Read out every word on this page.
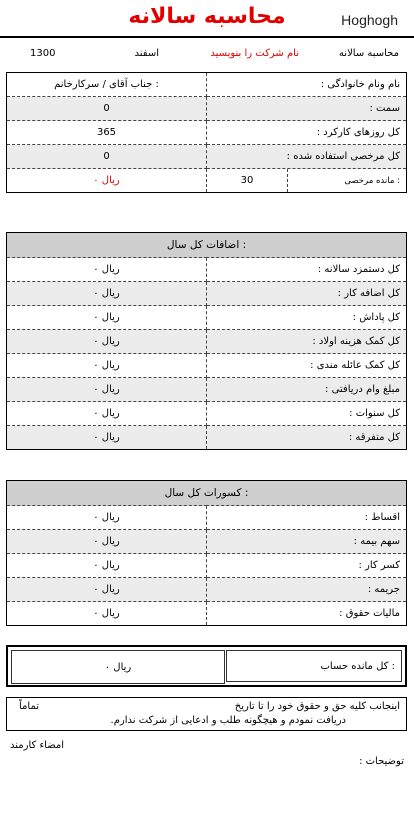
محاسبه سالانه	Hoghogh
محاسبه سالانه
نام شرکت را بنویسید
اسفند
1300
جناب آقای / سرکارخانم :	نام ونام خانوادگی :
0	سمت :
365	کل روزهای کارکرد :
0	کل مرخصی استفاده شده :

ریال ۰	30 مانده مرخصی :
اضافات کل سال :	
ریال ۰	کل دستمزد سالانه :
ریال ۰	کل اضافه کار :
ریال ۰	کل پاداش :
ریال ۰	کل کمک هزینه اولاد :
ریال ۰	کل کمک عائله مندی :
ریال ۰	مبلغ وام دریافتی :
ریال ۰	کل سنوات :
ریال ۰	کل متفرقه :
کسورات کل سال :	
ریال ۰	اقساط :
ریال ۰	سهم بیمه :
ریال ۰	کسر کار :
ریال ۰	جریمه :
ریال ۰	مالیات حقوق :
ریال ۰	کل مانده حساب :
اینجانب کلیه حق و حقوق خود را تا تاریخ
تماماً
دریافت نمودم و هیچگونه طلب و ادعایی از شرکت ندارم.
امضاء کارمند
توضیحات :
